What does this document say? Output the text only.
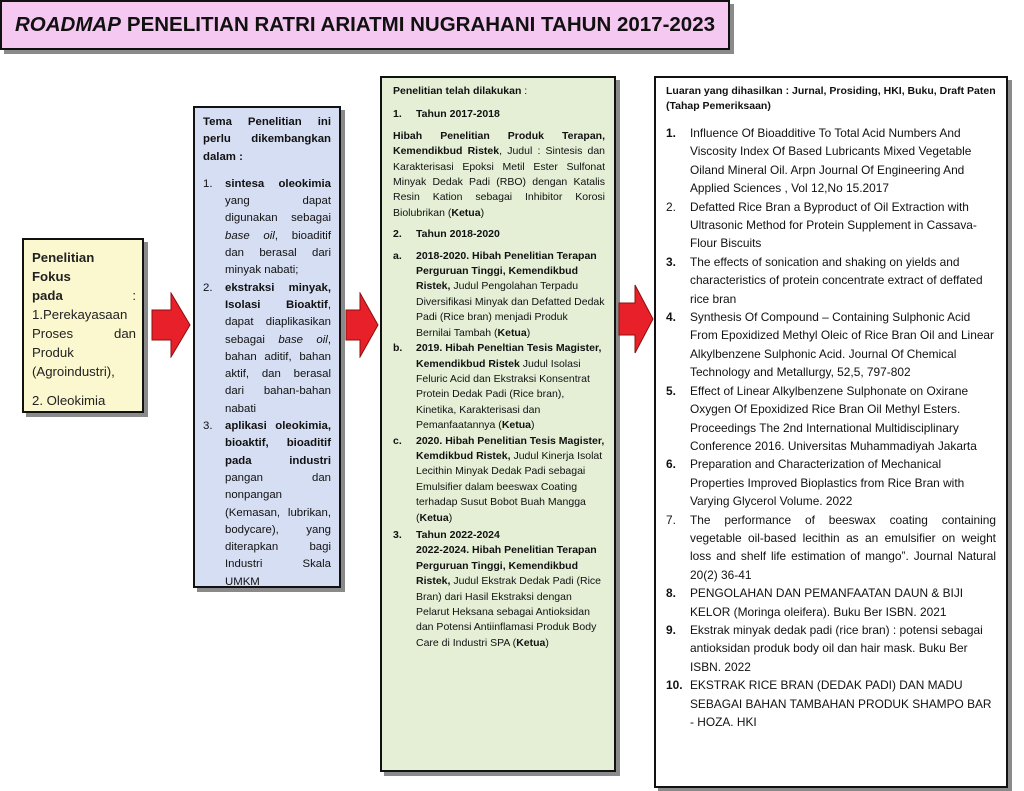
ROADMAP PENELITIAN RATRI ARIATMI NUGRAHANI TAHUN 2017-2023
Penelitian Fokus
pada	:

1.Perekayasaan

Proses	dan

Produk

(Agroindustri),

2. Oleokimia

Tema Penelitian ini perlu dikembangkan dalam :

1.	sintesa oleokimia yang dapat digunakan sebagai base oil, bioaditif dan berasal dari minyak nabati;
2.	ekstraksi minyak, Isolasi Bioaktif, dapat diaplikasikan sebagai base oil, bahan aditif, bahan aktif, dan berasal dari bahan-bahan nabati
3.	aplikasi oleokimia, bioaktif, bioaditif pada industri pangan dan nonpangan (Kemasan, lubrikan, bodycare), yang diterapkan bagi Industri Skala UMKM

Penelitian telah dilakukan :

1.	Tahun 2017-2018

Hibah Penelitian Produk Terapan, Kemendikbud Ristek, Judul : Sintesis dan Karakterisasi Epoksi Metil Ester Sulfonat Minyak Dedak Padi (RBO) dengan Katalis Resin Kation sebagai Inhibitor Korosi Biolubrikan (Ketua)

2.	Tahun 2018-2020
a.	2018-2020. Hibah Penelitian Terapan Perguruan Tinggi, Kemendikbud Ristek, Judul Pengolahan Terpadu Diversifikasi Minyak dan Defatted Dedak Padi (Rice bran) menjadi Produk Bernilai Tambah (Ketua)
b.	2019. Hibah Peneltian Tesis Magister, Kemendikbud Ristek Judul Isolasi Feluric Acid dan Ekstraksi Konsentrat Protein Dedak Padi (Rice bran), Kinetika, Karakterisasi dan Pemanfaatannya (Ketua)
c.	2020. Hibah Penelitian Tesis Magister, Kemdikbud Ristek, Judul Kinerja Isolat Lecithin Minyak Dedak Padi sebagai Emulsifier dalam beeswax Coating terhadap Susut Bobot Buah Mangga (Ketua)
3.	Tahun 2022-2024

2022-2024. Hibah Penelitian Terapan Perguruan Tinggi, Kemendikbud Ristek, Judul Ekstrak Dedak Padi (Rice Bran) dari Hasil Ekstraksi dengan Pelarut Heksana sebagai Antioksidan dan Potensi Antiinflamasi Produk Body Care di Industri SPA (Ketua)

Luaran yang dihasilkan : Jurnal, Prosiding, HKI, Buku, Draft Paten (Tahap Pemeriksaan)

1.	Influence Of Bioadditive To Total Acid Numbers And Viscosity Index Of Based Lubricants Mixed Vegetable Oiland Mineral Oil. Arpn Journal Of Engineering And Applied Sciences , Vol 12,No 15.2017
2.	Defatted Rice Bran a Byproduct of Oil Extraction with Ultrasonic Method for Protein Supplement in Cassava-Flour Biscuits
3.	The effects of sonication and shaking on yields and characteristics of protein concentrate extract of deffated rice bran
4.	Synthesis Of Compound – Containing Sulphonic Acid From Epoxidized Methyl Oleic of Rice Bran Oil and Linear Alkylbenzene Sulphonic Acid. Journal Of Chemical Technology and Metallurgy, 52,5, 797-802
5.	Effect of Linear Alkylbenzene Sulphonate on Oxirane Oxygen Of Epoxidized Rice Bran Oil Methyl Esters. Proceedings The 2nd International Multidisciplinary Conference 2016. Universitas Muhammadiyah Jakarta
6.	Preparation and Characterization of Mechanical Properties Improved Bioplastics from Rice Bran with Varying Glycerol Volume. 2022
7.	The performance of beeswax coating containing vegetable oil-based lecithin as an emulsifier on weight loss and shelf life estimation of mango”. Journal Natural 20(2) 36-41
8.	PENGOLAHAN DAN PEMANFAATAN DAUN & BIJI KELOR (Moringa oleifera). Buku Ber ISBN. 2021
9.	Ekstrak minyak dedak padi (rice bran) : potensi sebagai antioksidan produk body oil dan hair mask. Buku Ber ISBN. 2022
10. EKSTRAK RICE BRAN (DEDAK PADI) DAN MADU SEBAGAI BAHAN TAMBAHAN PRODUK SHAMPO BAR - HOZA. HKI
